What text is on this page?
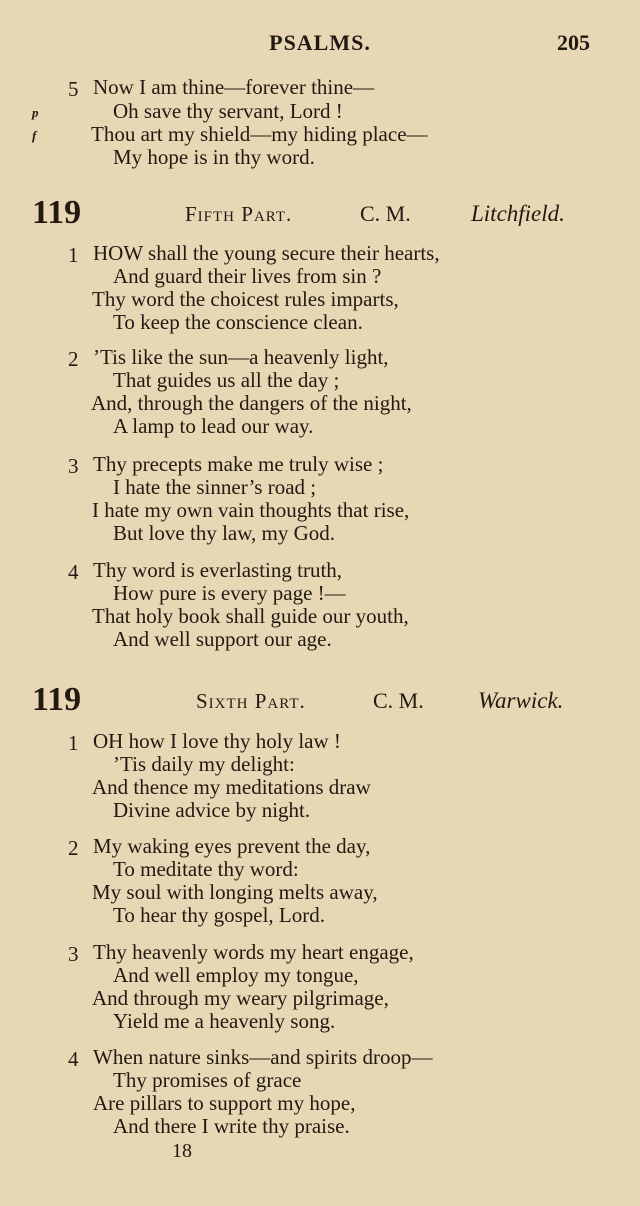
PSALMS.	205
5
p
f
Now I am thine—forever thine—
Oh save thy servant, Lord !
Thou art my shield—my hiding place—
My hope is in thy word.
119	Fifth Part.	C. M.	Litchfield.
1 HOW shall the young secure their hearts,
And guard their lives from sin ?
Thy word the choicest rules imparts,
To keep the conscience clean.
2 ’Tis like the sun—a heavenly light,
That guides us all the day ;
And, through the dangers of the night,
A lamp to lead our way.
3 Thy precepts make me truly wise ;
I hate the sinner’s road ;
I hate my own vain thoughts that rise,
But love thy law, my God.
4 Thy word is everlasting truth,
How pure is every page !—
That holy book shall guide our youth,
And well support our age.
119	Sixth Part.	C. M. Warwick.
1 OH how I love thy holy law !
’Tis daily my delight:
And thence my meditations draw
Divine advice by night.
2 My waking eyes prevent the day,
To meditate thy word:
My soul with longing melts away,
To hear thy gospel, Lord.
3 Thy heavenly words my heart engage,
And well employ my tongue,
And through my weary pilgrimage,
Yield me a heavenly song.
4 When nature sinks—and spirits droop—
Thy promises of grace
Are pillars to support my hope,
And there I write thy praise.
18
